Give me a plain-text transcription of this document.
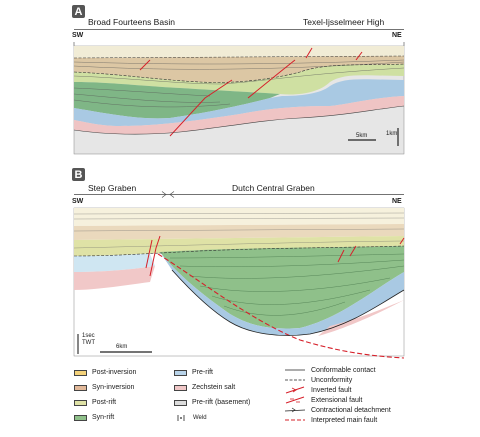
A
Broad Fourteens Basin	Texel-Ijsselmeer High
SW	NE
5km	1km
B
Step Graben	Dutch Central Graben
SW	NE
1sec
TWT
6km
Post-inversion
Syn-inversion
Post-rift
Syn-rift
Pre-rift
Zechstein salt
Pre-rift (basement)
Weld
Conformable contact
Unconformity
Inverted fault
Extensional fault
Contractional detachment
Interpreted main fault
